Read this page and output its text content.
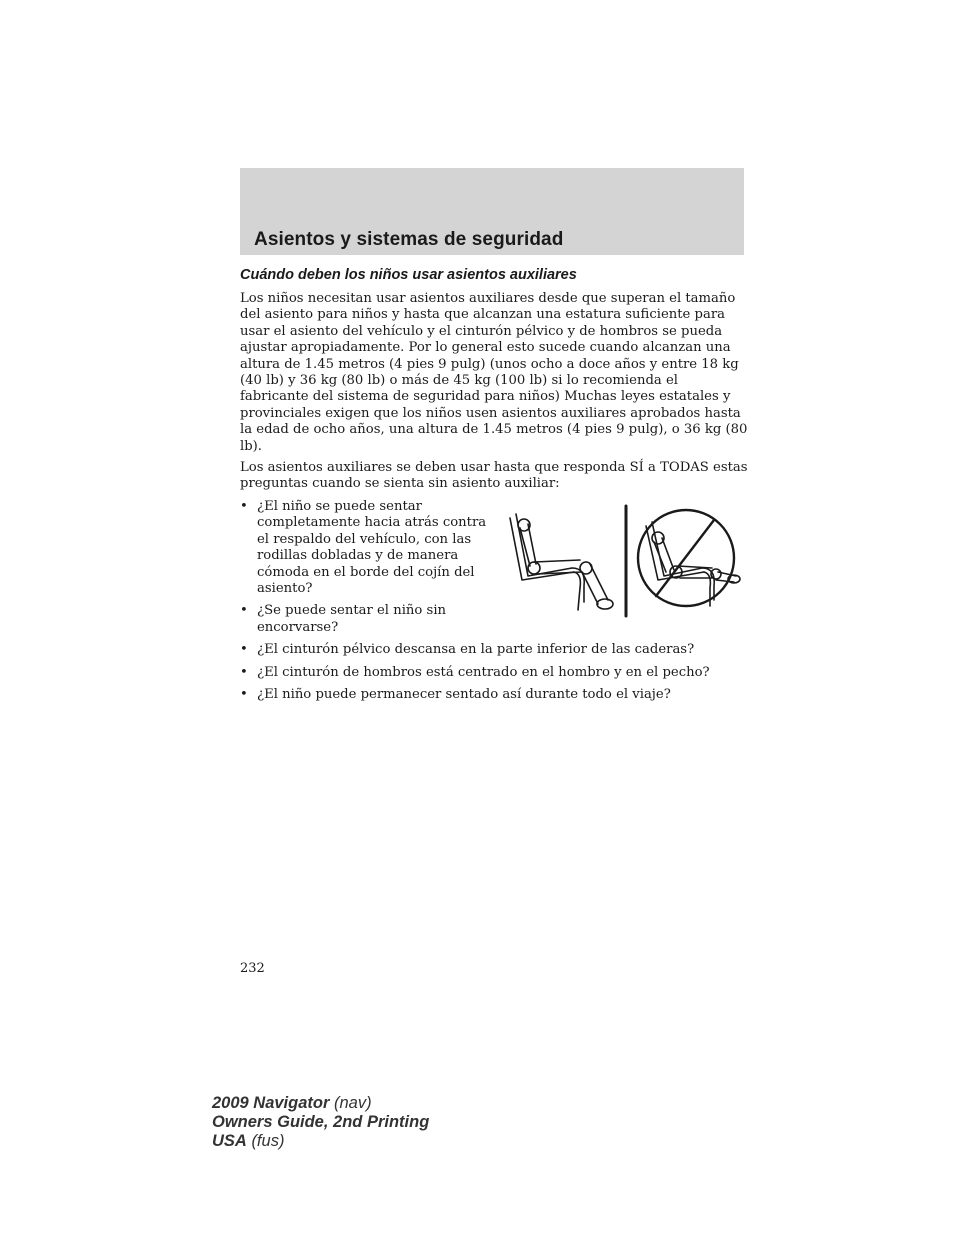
Asientos y sistemas de seguridad
Cuándo deben los niños usar asientos auxiliares

Los niños necesitan usar asientos auxiliares desde que superan el tamaño del asiento para niños y hasta que alcanzan una estatura suficiente para usar el asiento del vehículo y el cinturón pélvico y de hombros se pueda ajustar apropiadamente. Por lo general esto sucede cuando alcanzan una altura de 1.45 metros (4 pies 9 pulg) (unos ocho a doce años y entre 18 kg (40 lb) y 36 kg (80 lb) o más de 45 kg (100 lb) si lo recomienda el fabricante del sistema de seguridad para niños) Muchas leyes estatales y provinciales exigen que los niños usen asientos auxiliares aprobados hasta la edad de ocho años, una altura de 1.45 metros (4 pies 9 pulg), o 36 kg (80 lb).

Los asientos auxiliares se deben usar hasta que responda SÍ a TODAS estas preguntas cuando se sienta sin asiento auxiliar:

• ¿El niño se puede sentar completamente hacia atrás contra el respaldo del vehículo, con las rodillas dobladas y de manera cómoda en el borde del cojín del asiento?
• ¿Se puede sentar el niño sin encorvarse?
• ¿El cinturón pélvico descansa en la parte inferior de las caderas?
• ¿El cinturón de hombros está centrado en el hombro y en el pecho?
• ¿El niño puede permanecer sentado así durante todo el viaje?

232

2009 Navigator (nav)
Owners Guide, 2nd Printing
USA (fus)
